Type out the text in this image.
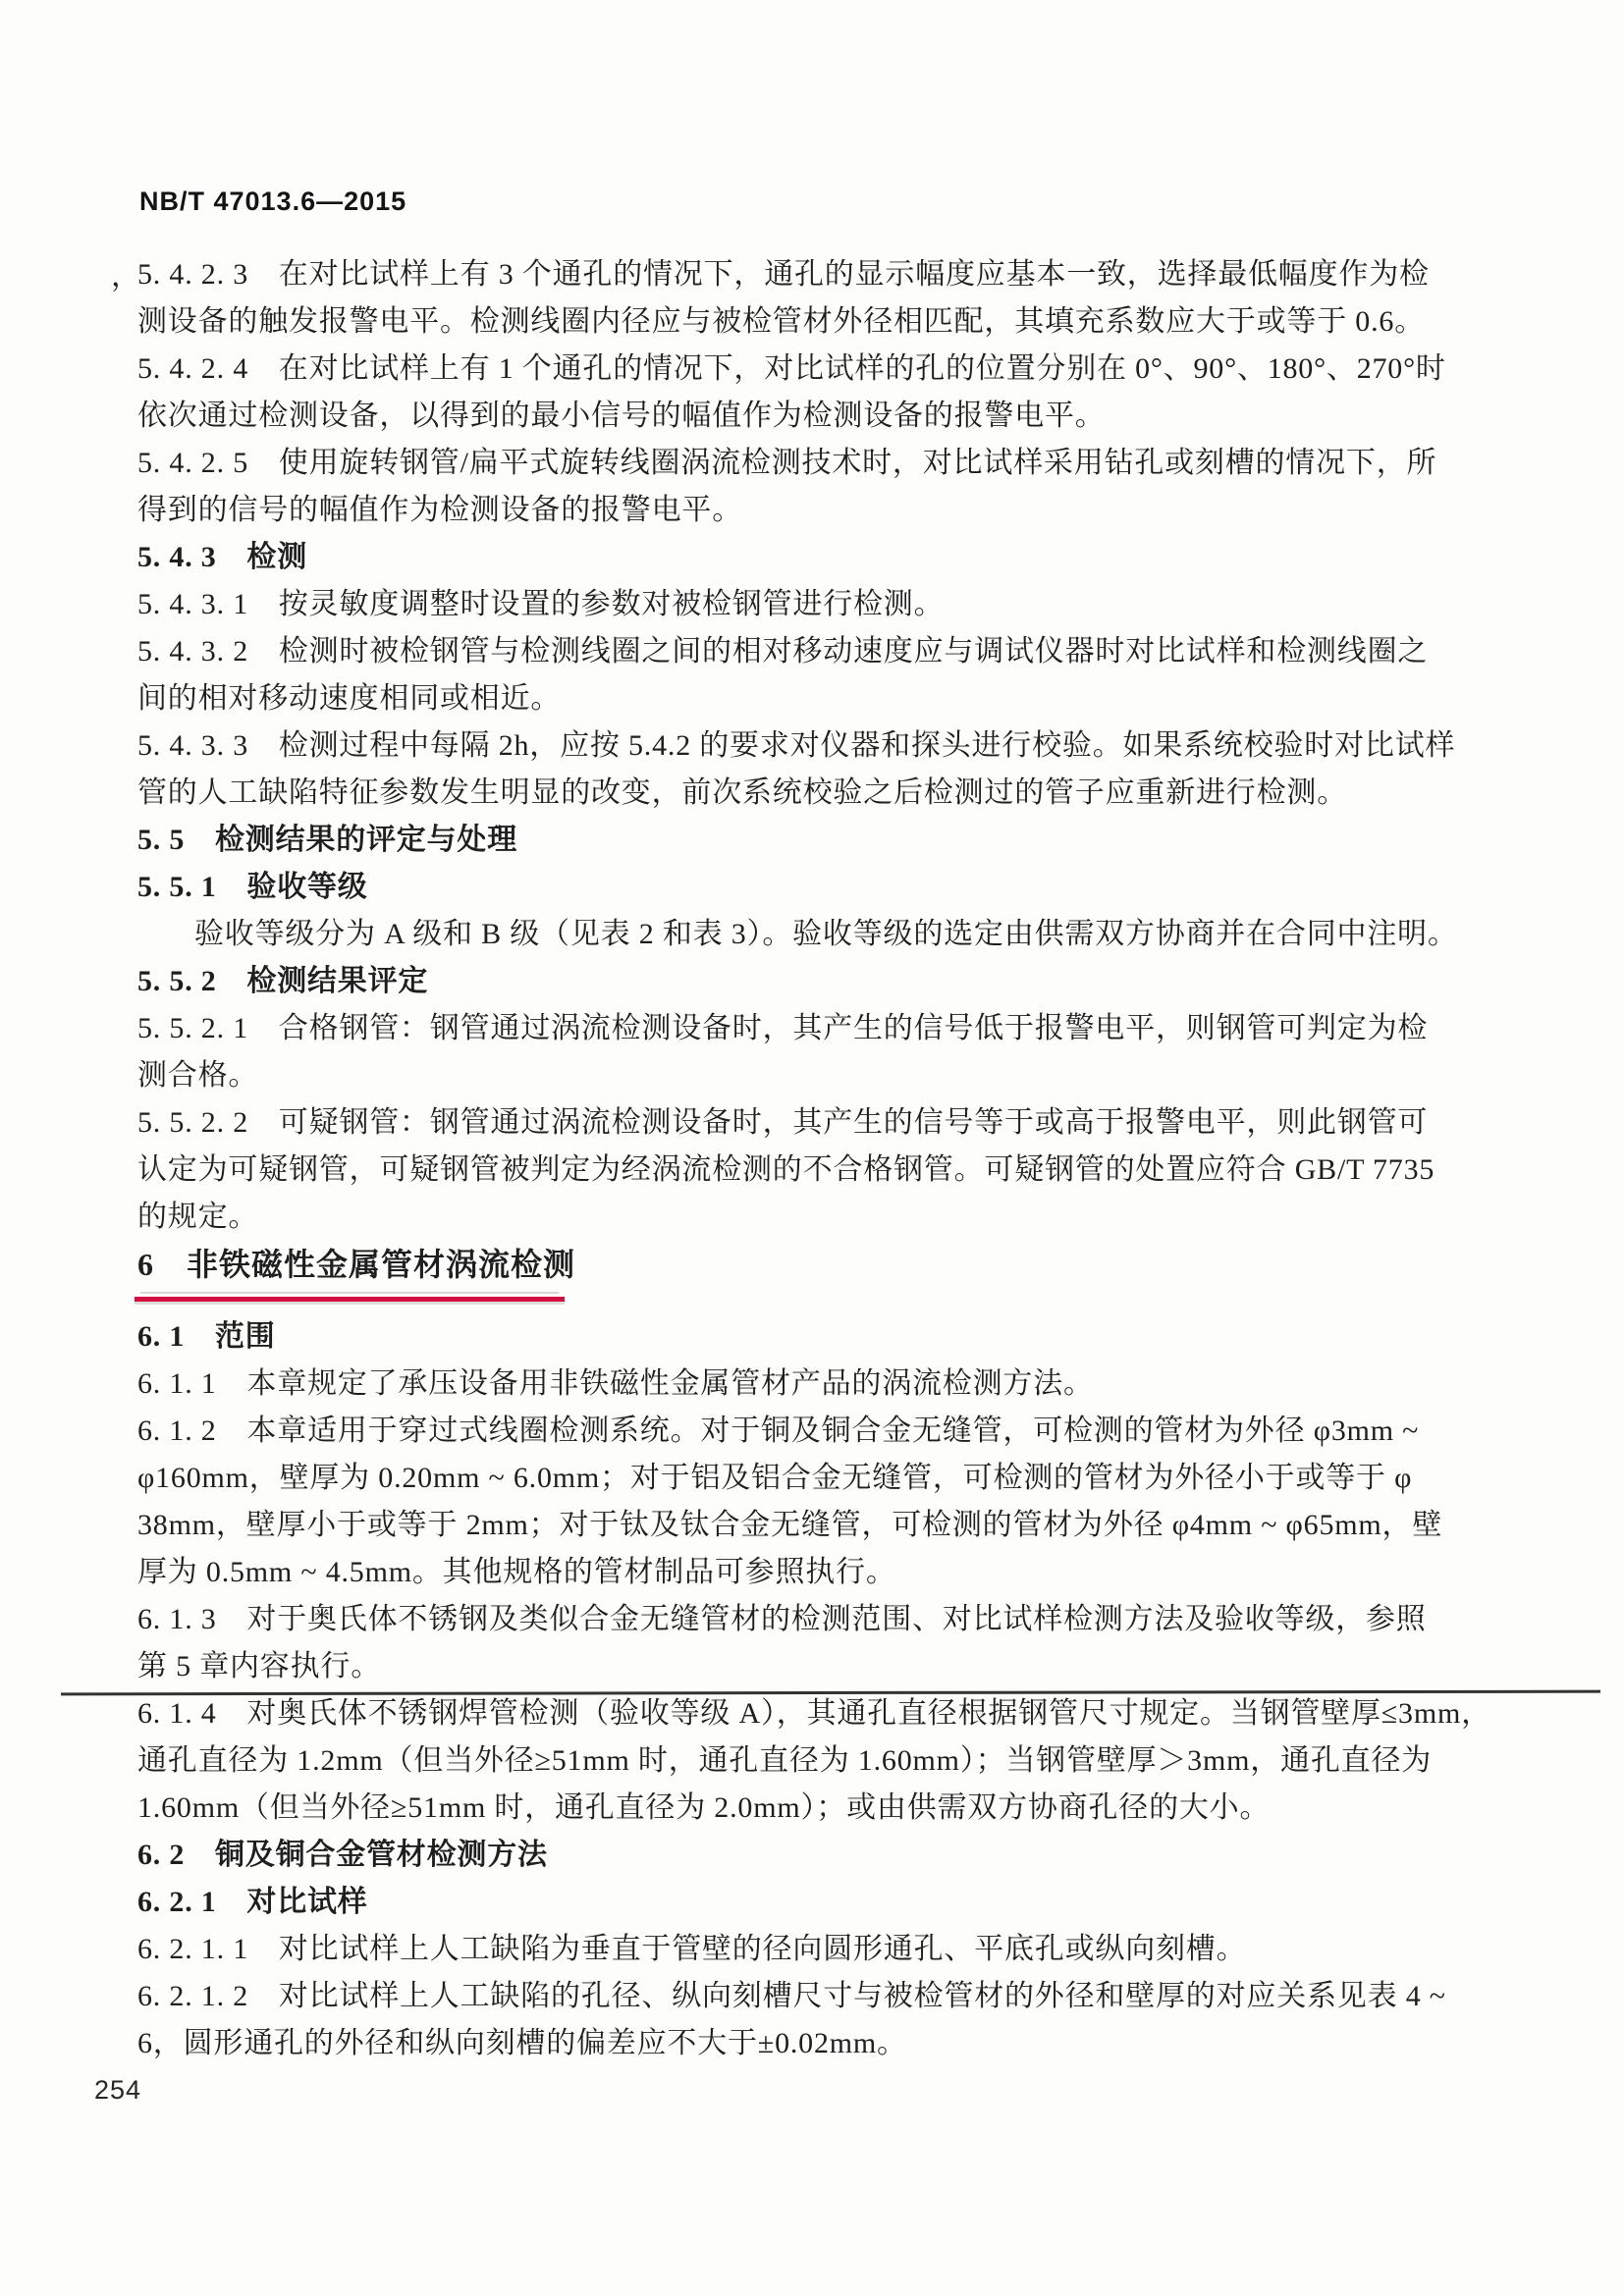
NB/T 47013.6—2015
5. 4. 2. 3　在对比试样上有 3 个通孔的情况下，通孔的显示幅度应基本一致，选择最低幅度作为检
，
测设备的触发报警电平。检测线圈内径应与被检管材外径相匹配，其填充系数应大于或等于 0.6。
5. 4. 2. 4　在对比试样上有 1 个通孔的情况下，对比试样的孔的位置分别在 0°、90°、180°、270°时
依次通过检测设备，以得到的最小信号的幅值作为检测设备的报警电平。
5. 4. 2. 5　使用旋转钢管/扁平式旋转线圈涡流检测技术时，对比试样采用钻孔或刻槽的情况下，所
得到的信号的幅值作为检测设备的报警电平。
5. 4. 3　检测
5. 4. 3. 1　按灵敏度调整时设置的参数对被检钢管进行检测。
5. 4. 3. 2　检测时被检钢管与检测线圈之间的相对移动速度应与调试仪器时对比试样和检测线圈之
间的相对移动速度相同或相近。
5. 4. 3. 3　检测过程中每隔 2h，应按 5.4.2 的要求对仪器和探头进行校验。如果系统校验时对比试样
管的人工缺陷特征参数发生明显的改变，前次系统校验之后检测过的管子应重新进行检测。
5. 5　检测结果的评定与处理
5. 5. 1　验收等级
验收等级分为 A 级和 B 级（见表 2 和表 3）。验收等级的选定由供需双方协商并在合同中注明。
5. 5. 2　检测结果评定
5. 5. 2. 1　合格钢管：钢管通过涡流检测设备时，其产生的信号低于报警电平，则钢管可判定为检
测合格。
5. 5. 2. 2　可疑钢管：钢管通过涡流检测设备时，其产生的信号等于或高于报警电平，则此钢管可
认定为可疑钢管，可疑钢管被判定为经涡流检测的不合格钢管。可疑钢管的处置应符合 GB/T 7735
的规定。
6　非铁磁性金属管材涡流检测
6. 1　范围
6. 1. 1　本章规定了承压设备用非铁磁性金属管材产品的涡流检测方法。
6. 1. 2　本章适用于穿过式线圈检测系统。对于铜及铜合金无缝管，可检测的管材为外径 φ3mm ~
φ160mm，壁厚为 0.20mm ~ 6.0mm；对于铝及铝合金无缝管，可检测的管材为外径小于或等于 φ
38mm，壁厚小于或等于 2mm；对于钛及钛合金无缝管，可检测的管材为外径 φ4mm ~ φ65mm，壁
厚为 0.5mm ~ 4.5mm。其他规格的管材制品可参照执行。
6. 1. 3　对于奥氏体不锈钢及类似合金无缝管材的检测范围、对比试样检测方法及验收等级，参照
第 5 章内容执行。
6. 1. 4　对奥氏体不锈钢焊管检测（验收等级 A），其通孔直径根据钢管尺寸规定。当钢管壁厚≤3mm，
通孔直径为 1.2mm（但当外径≥51mm 时，通孔直径为 1.60mm）；当钢管壁厚＞3mm，通孔直径为
1.60mm（但当外径≥51mm 时，通孔直径为 2.0mm）；或由供需双方协商孔径的大小。
6. 2　铜及铜合金管材检测方法
6. 2. 1　对比试样
6. 2. 1. 1　对比试样上人工缺陷为垂直于管壁的径向圆形通孔、平底孔或纵向刻槽。
6. 2. 1. 2　对比试样上人工缺陷的孔径、纵向刻槽尺寸与被检管材的外径和壁厚的对应关系见表 4 ~
6，圆形通孔的外径和纵向刻槽的偏差应不大于±0.02mm。
254
